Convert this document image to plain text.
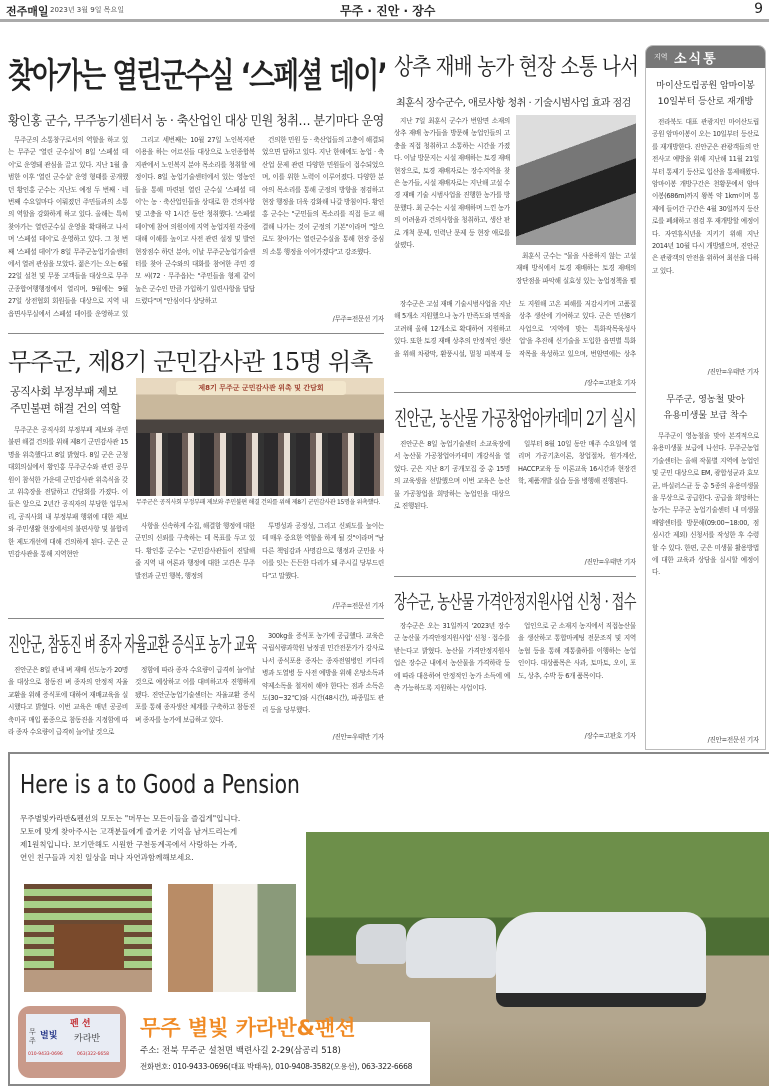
전주매일 2023년 3월 9일 목요일	무주 · 진안 · 장수	9
찾아가는 열린군수실 ‘스페셜 데이’
황인홍 군수, 무주농기센터서 농 · 축산업인 대상 민원 청취… 분기마다 운영

무주군의 소통창구로서의 역할을 하고 있는 무주군 '열린 군수실'이 8일 '스페셜 데이'로 운영돼 관심을 끌고 있다. 지난 1월 출범한 이후 '열린 군수실' 운영 형태를 공개했던 황인홍 군수는 지난도 예정 두 번째 · 네 번째 수요일마다 이뤄졌던 주민들과의 소통의 역할을 강화하게 하고 있다. 올해는 특히 찾아가는 열린군수실 운영을 확대하고 나서며 '스페셜 데이'로 운영하고 있다. 그 첫 번째 '스페셜 데이'가 8일 무주군농업기술센터에서 열려 관심을 모았다. 젊은기는 오는 6월 22일 설천 및 무풍 고객들을 대상으로 무주군종합여행행정에서 열리며, 9월에는 9월 27일 상전협회 회원들을 대상으로 지역 내 읍면사무실에서 스페셜 데이를 운영하고 있

그리고 세번째는 10월 27일 노인복지관 이용을 하는 어르신들 대상으로 노인종합복지관에서 노인복지 분야 목소리를 청취할 예정이다. 8일 농업기술센터에서 있는 영농인들을 통해 마련된 열린 군수실 '스페셜 데이'는 농 · 축산업인들을 상대로 한 건의사항 및 고충을 약 1시간 동안 청취했다. '스페셜 데이'에 참여 의원이에 지역 농업지원 각종에 대해 이해를 높이고 사전 관련 설정 및 발언 현장점수 하던 분야, 이날 무주군농업기술센터를 찾아 군수와의 대화를 참여한 주민 경 모 씨(72 · 무주읍)는 "주민들을 형제 같이 높은 군수인 만큼 가입하기 일련사항을 답답드렸다"며 "안심이다 상당하고

건의한 민원 등 · 축산업들의 고충이 해결되었으면 답하고 있다. 지난 한해에도 농업 · 축산업 문제 관련 다양한 민원들이 접수되었으며, 이를 위한 노력이 이루어졌다. 다양한 분야의 목소리를 통해 군정의 방향을 점검하고 현장 행정을 더욱 강화해 나갈 방침이다. 황인홍 군수는 "군민들의 목소리를 직접 듣고 해결해 나가는 것이 군정의 기본"이라며 "앞으로도 찾아가는 열린군수실을 통해 현장 중심의 소통 행정을 이어가겠다"고 강조했다.

/무주=전문선 기자
무주군, 제8기 군민감사관 15명 위촉
공직사회 부정부패 제보
주민불편 해결 건의 역할

무주군은 공직사회 부정부패 제보와 주민불편 해결 건의를 위해 제8기 군민감사관 15명을 위촉했다고 8일 밝혔다. 8일 군은 군청 대회의실에서 황인홍 무주군수와 관련 공무원이 참석한 가운데 군민감사관 위촉식을 갖고 위촉장을 전달하고 간담회를 가졌다. 이들은 앞으로 2년간 공직자의 부당한 업무처리, 공직사회 내 부정부패 행위에 대한 제보와 주민생활 현장에서의 불편사항 및 불합리한 제도개선에 대해 건의하게 된다. 군은 군민감사관을 통해 지역현안

제8기 무주군 군민감사관 위촉 및 간담회
무주군은 공직사회 부정부패 제보와 주민불편 해결 건의를 위해 제8기 군민감사관 15명을 위촉했다.

사항을 신속하게 수집, 해결함 행정에 대한 군민의 신뢰를 구축하는 데 목표를 두고 있다. 황인홍 군수는 "군민감사관들이 진달해 줄 지역 내 여론과 행정에 대한 고견은 무주발전과 군민 행복, 행정의

투명성과 공정성, 그리고 신뢰도를 높이는데 매우 중요한 역할을 하게 될 것"이라며 "남다른 책임감과 사명감으로 행정과 군민을 사이를 잇는 든든한 다리가 돼 주시길 당부드린다"고 말했다.

/무주=전문선 기자
진안군, 참동진 벼 종자 자율교환 증식포 농가 교육

진안군은 8일 관내 벼 재배 선도농가 20명을 대상으로 참동진 벼 종자의 안정적 자율교환을 위해 증식포에 대하여 재배교육을 실시했다고 밝혔다. 이번 교육은 매년 공공비축미곡 매입 품종으로 참동진을 지정함에 따라 종자 수요량이 급격히 늘어날 것으로

정함에 따라 종자 수요량이 급격히 늘어날 것으로 예상하고 이를 대비하고자 진행하게 됐다. 진안군농업기술센터는 자율교환 증식포를 통해 종자생산 체계를 구축하고 참동진 벼 종자를 농가에 보급하고 있다.

300kg을 증식포 농가에 공급했다. 교육은 국립식량과학원 남정권 민간전문가가 강사로 나서 종식포용 종자는 종자전염병인 키다리병과 도열병 등 사전 예방을 위해 온탕소독과 약제소독을 철저히 해야 한다는 점과 소독온도(30~32℃)와 시간(48시간), 파종밀도 관리 등을 당부했다.

/진안=우태만 기자
상추 재배 농가 현장 소통 나서
최훈식 장수군수, 애로사항 청취 · 기술시범사업 효과 점검

지난 7일 최훈식 군수가 번암면 소재의 상추 재배 농가들을 방문해 농업인들의 고충을 직접 청취하고 소통하는 시간을 가졌다. 이날 방문지는 시설 재배하는 토경 재배 현장으로, 토경 재배자로는 장수지역을 찾은 농가들, 시설 재배자로는 지난해 고설 수경 재배 기술 시범사업을 진행한 농가를 방문했다. 최 군수는 시설 재배하며 느낀 농가의 어려움과 건의사항을 청취하고, 생산 판로 개척 문제, 인력난 문제 등 현장 애로를 살폈다.

최훈식 군수는 "물을 사용하지 않는 고설 재배 방식에서 토경 재배하는 토경 재배의 장단점을 파악해 실효성 있는 농업정책을 펼

장수군은 고설 재배 기술시범사업을 지난해 5개소 지원했으나 농가 만족도와 면적을 고려해 올해 12개소로 확대하여 지원하고 있다. 또한 토경 재배 상추의 안정적인 생산을 위해 차광막, 환풍시설, 멀칭 피복재 등도 지원해 고온 피해를 저감시키며 고품질 상추 생산에 기여하고 있다. 군은 민선8기 사업으로 '지역에 맞는 특화작목육성사업'을 추진해 신기술을 도입한 읍면별 특화작목을 육성하고 있으며, 번암면에는 상추

/장수=고판호 기자
진안군, 농산물 가공창업아카데미 2기 실시

진안군은 8일 농업기술센터 소교육장에서 농산물 가공창업아카데미 개강식을 열었다. 군은 지난 8기 공개모집 중 총 15명의 교육생을 선발했으며 이번 교육은 농산물 가공창업을 희망하는 농업인을 대상으로 진행된다.

일부터 8월 10일 동안 매주 수요일에 열리며 가공기초이론, 창업절차, 원가계산, HACCP교육 등 이론교육 16시간과 현장견학, 제품개발 실습 등을 병행해 진행된다.

/진안=우태만 기자
장수군, 농산물 가격안정지원사업 신청 · 접수

장수군은 오는 31일까지 '2023년 장수군 농산물 가격안정지원사업' 신청 · 접수를 받는다고 밝혔다. 농산물 가격안정지원사업은 장수군 내에서 농산물을 가격하락 등에 따라 대응하여 안정적인 농가 소득에 예측 가능하도록 지원하는 사업이다.

업인으로 군 소재지 농지에서 직접농산물을 생산하고 통합마케팅 전문조직 및 지역농협 등을 통해 계통출하를 이행하는 농업인이다. 대상품목은 사과, 토마토, 오이, 포도, 상추, 수박 등 6개 품목이다.

/장수=고판호 기자
지역 소식통
마이산도립공원 암마이봉
10일부터 등산로 재개방

전라북도 대표 관광지인 마이산도립공원 암마이봉이 오는 10일부터 등산로를 재개방한다. 진안군은 관광객들의 안전사고 예방을 위해 지난해 11월 21일부터 통제기 등산로 입산을 통제해왔다. 암마이봉 개방구간은 천황문에서 암마이봉(686m)까지 왕복 약 1km이며 통제에 들어간 구간은 4월 30일까지 등산로를 폐쇄하고 점검 후 재개방할 예정이다. 자연휴식년을 지키기 위해 지난 2014년 10월 다시 개방됐으며, 진안군은 관광객의 안전을 위하여 최선을 다하고 있다.

/진안=우태만 기자
무주군, 영농철 맞아
유용미생물 보급 착수

무주군이 영농철을 맞아 본격적으로 유용미생물 보급에 나선다. 무주군농업기술센터는 올해 작물별 지역에 농업인 및 군민 대상으로 EM, 광합성균과 효모균, 바실러스균 등 총 5종의 유용미생물을 무상으로 공급한다. 공급을 희망하는 농가는 무주군 농업기술센터 내 미생물배양센터를 방문해(09:00~18:00, 점심시간 제외) 신청서를 작성한 후 수령할 수 있다. 한편, 군은 미생물 활용방법에 대한 교육과 상담을 실시할 예정이다.

/진안=전문선 기자
Here is a to Good a Pension
무주별빛카라반&펜션의 모토는 "머무는 모든이들을 즐겁게"입니다.
모토에 맞게 찾아주시는 고객분들에게 즐거운 기억을 남겨드리는게
제1원칙입니다. 보기만해도 시원한 구천동계곡에서 사랑하는 가족,
연인 친구들과 지친 일상을 떠나 자연과함께해보세요.
펜 션
무
주 별빛 카라반
010-9433-0696	063)322-6658
무주 별빛 카라반&팬션
주소: 전북 무주군 설천면 백련사길 2-29(삼공리 518)
전화번호: 010-9433-0696(대표 박태옥), 010-9408-3582(오용선), 063-322-6668
